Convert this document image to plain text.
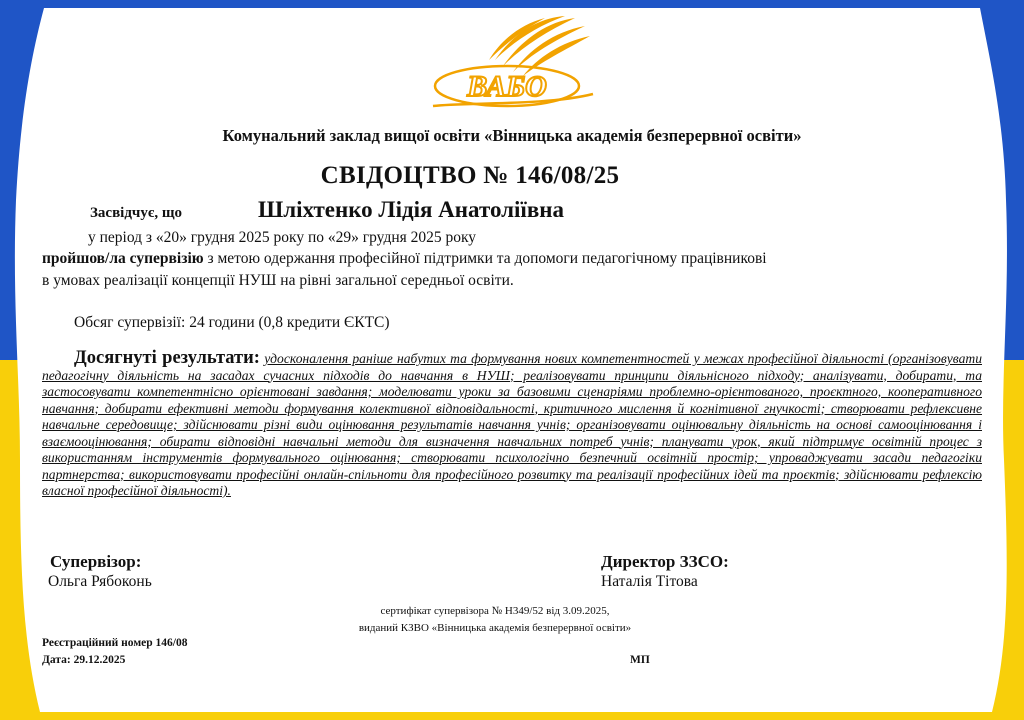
ВАБО
Комунальний заклад вищої освіти «Вінницька академія безперервної освіти»
СВІДОЦТВО № 146/08/25
Засвідчує, що	Шліхтенко Лідія Анатоліївна
у період з «20» грудня 2025 року по «29» грудня 2025 року
пройшов/ла супервізію з метою одержання професійної підтримки та допомоги педагогічному працівникові
в умовах реалізації концепції НУШ на рівні загальної середньої освіти.
Обсяг супервізії: 24 години (0,8 кредити ЄКТС)
Досягнуті результати: удосконалення раніше набутих та формування нових компетентностей у межах професійної діяльності (організовувати педагогічну діяльність на засадах сучасних підходів до навчання в НУШ; реалізовувати принципи діяльнісного підходу; аналізувати, добирати, та застосовувати компетентнісно орієнтовані завдання; моделювати уроки за базовими сценаріями проблемно-орієнтованого, проєктного, кооперативного навчання; добирати ефективні методи формування колективної відповідальності, критичного мислення й когнітивної гнучкості; створювати рефлексивне навчальне середовище; здійснювати різні види оцінювання результатів навчання учнів; організовувати оцінювальну діяльність на основі самооцінювання і взаємооцінювання; обирати відповідні навчальні методи для визначення навчальних потреб учнів; планувати урок, який підтримує освітній процес з використанням інструментів формувального оцінювання; створювати психологічно безпечний освітній простір; упроваджувати засади педагогіки партнерства; використовувати професійні онлайн-спільноти для професійного розвитку та реалізації професійних ідей та проєктів; здійснювати рефлексію власної професійної діяльності).
Супервізор:
Ольга Рябоконь
Директор ЗЗСО:
Наталія Тітова
сертифікат супервізора № Н349/52 від 3.09.2025,
виданий КЗВО «Вінницька академія безперервної освіти»
Реєстраційний номер 146/08
Дата: 29.12.2025	МП
